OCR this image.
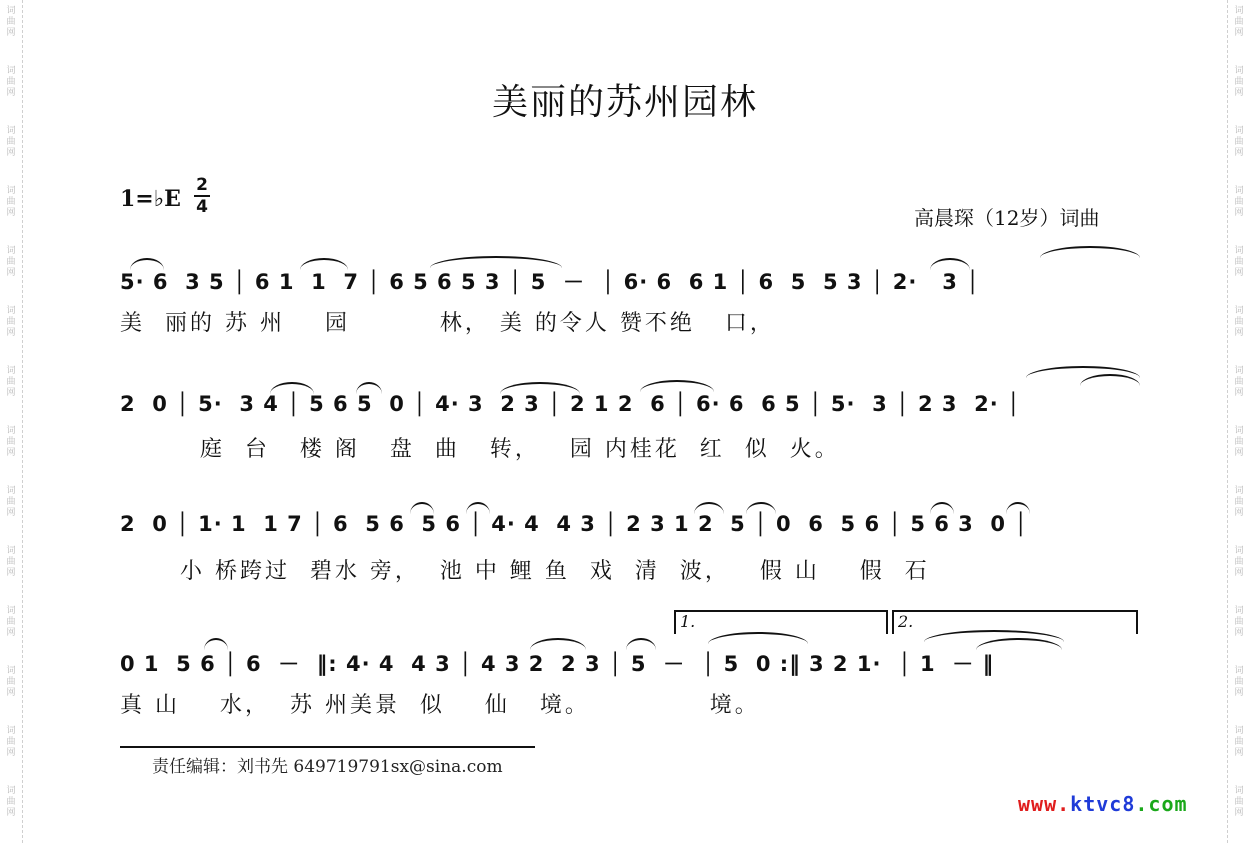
词曲网
词曲网
词曲网
词曲网
词曲网
词曲网
词曲网
词曲网
词曲网
词曲网
词曲网
词曲网
词曲网
词曲网
词曲网
词曲网
词曲网
词曲网
词曲网
词曲网
词曲网
词曲网
词曲网
词曲网
词曲网
词曲网
词曲网
词曲网
美丽的苏州园林
1=♭E
2
4	高晨琛（12岁）词曲
5· 6  3 5 │ 6 1  1  7 │ 6 5 6 5 3 │ 5  －  │ 6· 6  6 1 │ 6  5  5 3 │ 2·   3 │
美  丽的 苏 州    园         林， 美 的令人 赞不绝   口，
2  0 │ 5·  3 4 │ 5 6 5  0 │ 4· 3  2 3 │ 2 1 2  6 │ 6· 6  6 5 │ 5·  3 │ 2 3  2· │
庭  台   楼 阁   盘  曲   转，   园 内桂花  红  似  火。
2  0 │ 1· 1  1 7 │ 6  5 6  5 6 │ 4· 4  4 3 │ 2 3 1 2  5 │ 0  6  5 6 │ 5 6 3  0 │
小 桥跨过  碧水 旁，  池 中 鲤 鱼  戏  清  波，   假 山    假  石
1.	2.
0 1  5 6 │ 6  －  ‖: 4· 4  4 3 │ 4 3 2  2 3 │ 5  －  │ 5  0 :‖ 3 2 1·  │ 1  － ‖
真 山    水，  苏 州美景  似    仙   境。            境。
责任编辑：刘书先 649719791sx@sina.com
www.ktvc8.com
